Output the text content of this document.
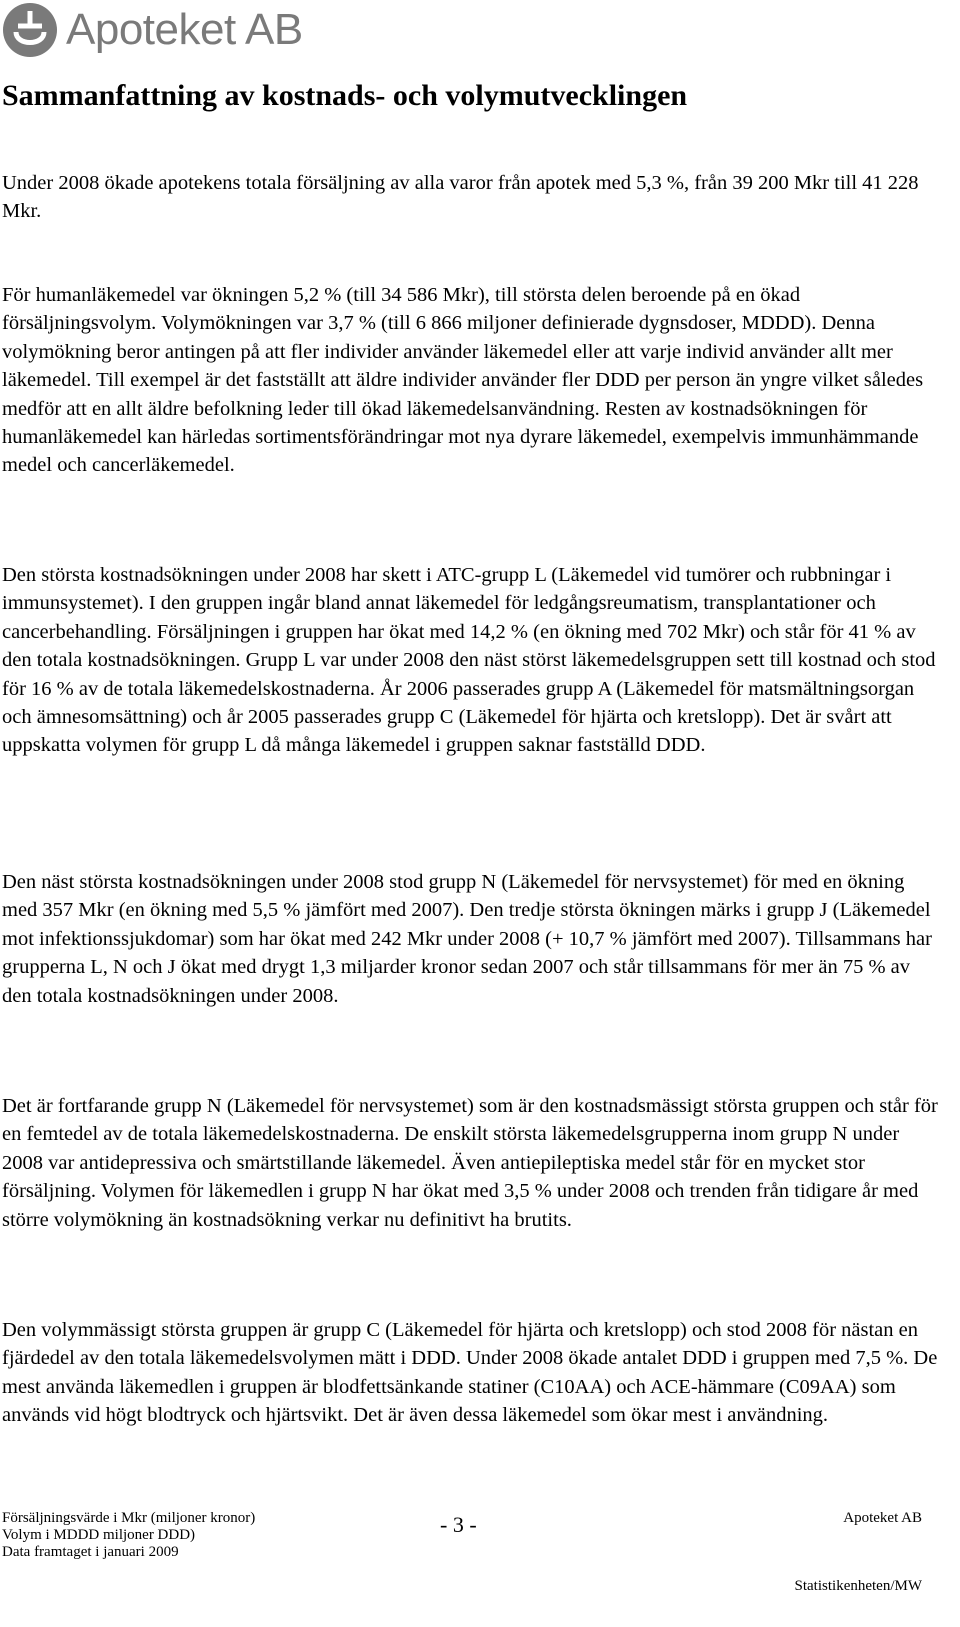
Apoteket AB
Sammanfattning av kostnads- och volymutvecklingen

Under 2008 ökade apotekens totala försäljning av alla varor från apotek med 5,3 %, från 39 200 Mkr till 41 228 Mkr.

För humanläkemedel var ökningen 5,2 % (till 34 586 Mkr), till största delen beroende på en ökad försäljningsvolym. Volymökningen var 3,7 % (till 6 866 miljoner definierade dygnsdoser, MDDD). Denna volymökning beror antingen på att fler individer använder läkemedel eller att varje individ använder allt mer läkemedel. Till exempel är det fastställt att äldre individer använder fler DDD per person än yngre vilket således medför att en allt äldre befolkning leder till ökad läkemedelsanvändning. Resten av kostnadsökningen för humanläkemedel kan härledas sortimentsförändringar mot nya dyrare läkemedel, exempelvis immunhämmande medel och cancerläkemedel.

Den största kostnadsökningen under 2008 har skett i ATC-grupp L (Läkemedel vid tumörer och rubbningar i immunsystemet). I den gruppen ingår bland annat läkemedel för ledgångsreumatism, transplantationer och cancerbehandling. Försäljningen i gruppen har ökat med 14,2 % (en ökning med 702 Mkr) och står för 41 % av den totala kostnadsökningen. Grupp L var under 2008 den näst störst läkemedelsgruppen sett till kostnad och stod för 16 % av de totala läkemedelskostnaderna. År 2006 passerades grupp A (Läkemedel för matsmältningsorgan och ämnesomsättning) och år 2005 passerades grupp C (Läkemedel för hjärta och kretslopp). Det är svårt att uppskatta volymen för grupp L då många läkemedel i gruppen saknar fastställd DDD.

Den näst största kostnadsökningen under 2008 stod grupp N (Läkemedel för nervsystemet) för med en ökning med 357 Mkr (en ökning med 5,5 % jämfört med 2007). Den tredje största ökningen märks i grupp J (Läkemedel mot infektionssjukdomar) som har ökat med 242 Mkr under 2008 (+ 10,7 % jämfört med 2007). Tillsammans har grupperna L, N och J ökat med drygt 1,3 miljarder kronor sedan 2007 och står tillsammans för mer än 75 % av den totala kostnadsökningen under 2008.

Det är fortfarande grupp N (Läkemedel för nervsystemet) som är den kostnadsmässigt största gruppen och står för en femtedel av de totala läkemedelskostnaderna. De enskilt största läkemedelsgrupperna inom grupp N under 2008 var antidepressiva och smärtstillande läkemedel. Även antiepileptiska medel står för en mycket stor försäljning. Volymen för läkemedlen i grupp N har ökat med 3,5 % under 2008 och trenden från tidigare år med större volymökning än kostnadsökning verkar nu definitivt ha brutits.

Den volymmässigt största gruppen är grupp C (Läkemedel för hjärta och kretslopp) och stod 2008 för nästan en fjärdedel av den totala läkemedelsvolymen mätt i DDD. Under 2008 ökade antalet DDD i gruppen med 7,5 %. De mest använda läkemedlen i gruppen är blodfettsänkande statiner (C10AA) och ACE-hämmare (C09AA) som används vid högt blodtryck och hjärtsvikt. Det är även dessa läkemedel som ökar mest i användning.

Försäljningsvärde i Mkr (miljoner kronor)
Volym i MDDD miljoner DDD)
Data framtaget i januari 2009
- 3 -	Apoteket AB
Statistikenheten/MW
